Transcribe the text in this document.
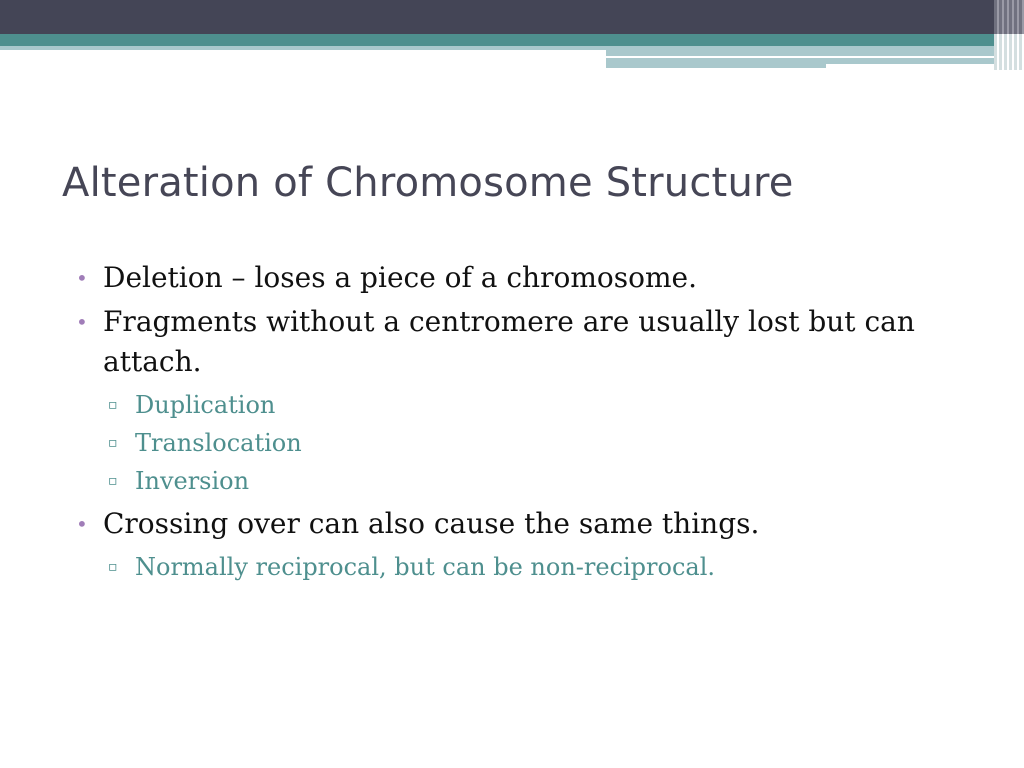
Alteration of Chromosome Structure
• Deletion – loses a piece of a chromosome.
• Fragments without a centromere are usually lost but can attach.
▫ Duplication
▫ Translocation
▫ Inversion
• Crossing over can also cause the same things.
▫ Normally reciprocal, but can be non-reciprocal.
